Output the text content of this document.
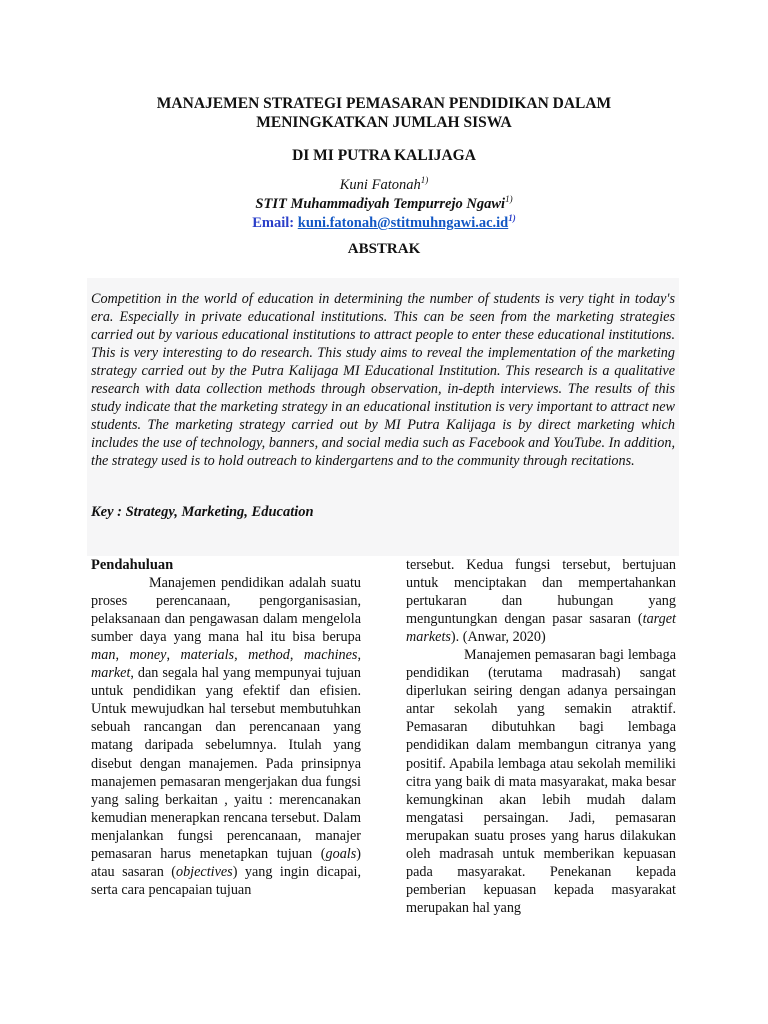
MANAJEMEN STRATEGI PEMASARAN PENDIDIKAN DALAM
MENINGKATKAN JUMLAH SISWA
DI MI PUTRA KALIJAGA
Kuni Fatonah$^{1)}$
STIT Muhammadiyah Tempurrejo Ngawi$^{1)}$
Email: $kuni.fatonah@stitmuhngawi.ac.id^{1)}$
ABSTRAK
Competition in the world of education in determining the number of students is very tight in today's era. Especially in private educational institutions. This can be seen from the marketing strategies carried out by various educational institutions to attract people to enter these educational institutions. This is very interesting to do research. This study aims to reveal the implementation of the marketing strategy carried out by the Putra Kalijaga MI Educational Institution. This research is a qualitative research with data collection methods through observation, in-depth interviews. The results of this study indicate that the marketing strategy in an educational institution is very important to attract new students. The marketing strategy carried out by MI Putra Kalijaga is by direct marketing which includes the use of technology, banners, and social media such as Facebook and YouTube. In addition, the strategy used is to hold outreach to kindergartens and to the community through recitations.
Key : Strategy, Marketing, Education

Pendahuluan

Manajemen pendidikan adalah suatu proses perencanaan, pengorganisasian, pelaksanaan dan pengawasan dalam mengelola sumber daya yang mana hal itu bisa berupa man, money, materials, method, machines, market, dan segala hal yang mempunyai tujuan untuk pendidikan yang efektif dan efisien. Untuk mewujudkan hal tersebut membutuhkan sebuah rancangan dan perencanaan yang matang daripada sebelumnya. Itulah yang disebut dengan manajemen. Pada prinsipnya manajemen pemasaran mengerjakan dua fungsi yang saling berkaitan , yaitu : merencanakan kemudian menerapkan rencana tersebut. Dalam menjalankan fungsi perencanaan, manajer pemasaran harus menetapkan tujuan (goals) atau sasaran (objectives) yang ingin dicapai, serta cara pencapaian tujuan

tersebut. Kedua fungsi tersebut, bertujuan untuk menciptakan dan mempertahankan pertukaran dan hubungan yang menguntungkan dengan pasar sasaran (target markets). (Anwar, 2020)

Manajemen pemasaran bagi lembaga pendidikan (terutama madrasah) sangat diperlukan seiring dengan adanya persaingan antar sekolah yang semakin atraktif. Pemasaran dibutuhkan bagi lembaga pendidikan dalam membangun citranya yang positif. Apabila lembaga atau sekolah memiliki citra yang baik di mata masyarakat, maka besar kemungkinan akan lebih mudah dalam mengatasi persaingan. Jadi, pemasaran merupakan suatu proses yang harus dilakukan oleh madrasah untuk memberikan kepuasan pada masyarakat. Penekanan kepada pemberian kepuasan kepada masyarakat merupakan hal yang
